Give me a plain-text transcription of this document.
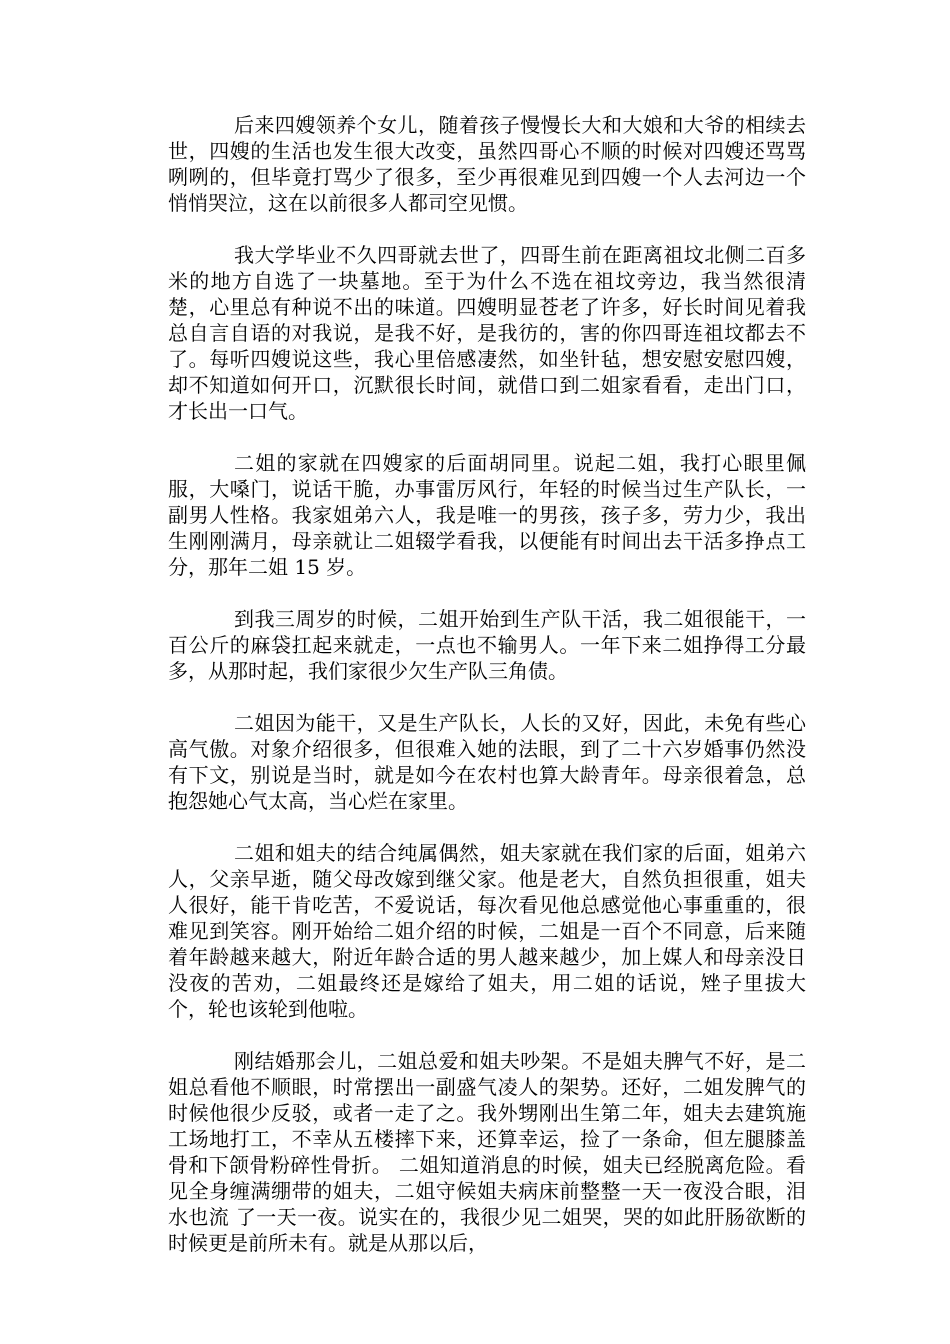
后来四嫂领养个女儿，随着孩子慢慢长大和大娘和大爷的相续去世，四嫂的生活也发生很大改变，虽然四哥心不顺的时候对四嫂还骂骂咧咧的，但毕竟打骂少了很多，至少再很难见到四嫂一个人去河边一个悄悄哭泣，这在以前很多人都司空见惯。

我大学毕业不久四哥就去世了，四哥生前在距离祖坟北侧二百多米的地方自选了一块墓地。至于为什么不选在祖坟旁边，我当然很清楚，心里总有种说不出的味道。四嫂明显苍老了许多，好长时间见着我总自言自语的对我说，是我不好，是我彷的，害的你四哥连祖坟都去不了。每听四嫂说这些，我心里倍感凄然，如坐针毡，想安慰安慰四嫂，却不知道如何开口，沉默很长时间，就借口到二姐家看看，走出门口，才长出一口气。

二姐的家就在四嫂家的后面胡同里。说起二姐，我打心眼里佩服，大嗓门，说话干脆，办事雷厉风行，年轻的时候当过生产队长，一副男人性格。我家姐弟六人，我是唯一的男孩，孩子多，劳力少，我出生刚刚满月，母亲就让二姐辍学看我，以便能有时间出去干活多挣点工分，那年二姐 15 岁。

到我三周岁的时候，二姐开始到生产队干活，我二姐很能干，一百公斤的麻袋扛起来就走，一点也不输男人。一年下来二姐挣得工分最多，从那时起，我们家很少欠生产队三角债。

二姐因为能干，又是生产队长，人长的又好，因此，未免有些心高气傲。对象介绍很多，但很难入她的法眼，到了二十六岁婚事仍然没有下文，别说是当时，就是如今在农村也算大龄青年。母亲很着急，总抱怨她心气太高，当心烂在家里。

二姐和姐夫的结合纯属偶然，姐夫家就在我们家的后面，姐弟六人，父亲早逝，随父母改嫁到继父家。他是老大，自然负担很重，姐夫人很好，能干肯吃苦，不爱说话，每次看见他总感觉他心事重重的，很难见到笑容。刚开始给二姐介绍的时候，二姐是一百个不同意，后来随着年龄越来越大，附近年龄合适的男人越来越少，加上媒人和母亲没日没夜的苦劝，二姐最终还是嫁给了姐夫，用二姐的话说，矬子里拔大个，轮也该轮到他啦。

刚结婚那会儿，二姐总爱和姐夫吵架。不是姐夫脾气不好，是二姐总看他不顺眼，时常摆出一副盛气凌人的架势。还好，二姐发脾气的时候他很少反驳，或者一走了之。我外甥刚出生第二年，姐夫去建筑施工场地打工，不幸从五楼摔下来，还算幸运，捡了一条命，但左腿膝盖骨和下颌骨粉碎性骨折。 二姐知道消息的时候，姐夫已经脱离危险。看见全身缠满绷带的姐夫，二姐守候姐夫病床前整整一天一夜没合眼，泪水也流 了一天一夜。说实在的，我很少见二姐哭，哭的如此肝肠欲断的时候更是前所未有。就是从那以后，
